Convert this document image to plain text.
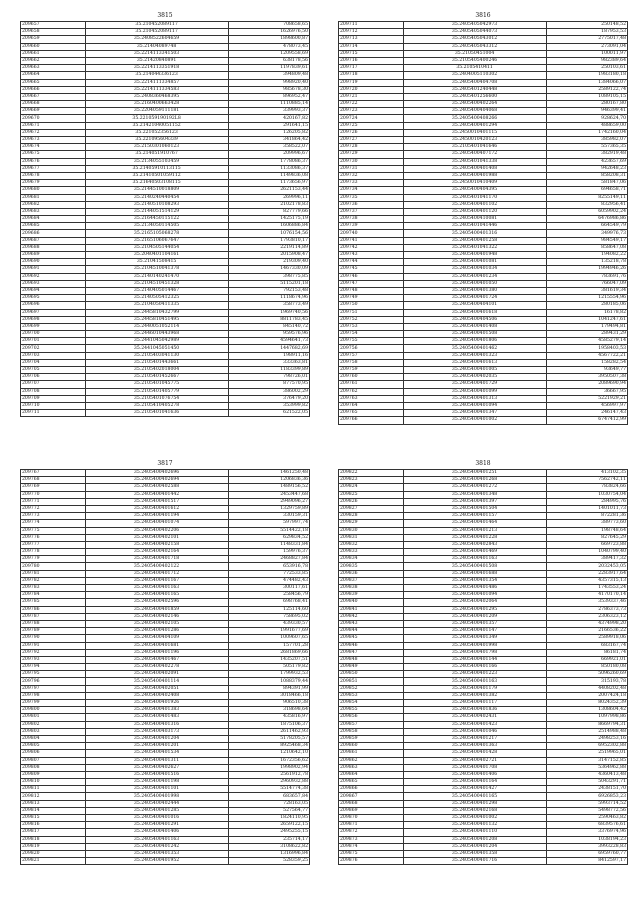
3815
209657	35.210452089117	708658,65
209658	35.210452089117	1626976,50
209659	35.2408522604659	1898600,87
209660	35.21404089748	478073,45
209661	35.2214113341503	1209558,69
209662	35.21420840891	638178,56
209663	35.2214113351918	1197839,61
209664	35.214044336123	394809,48
209665	35.2214111334857	998920,40
209666	35.2214111334583	985678,30
209667	35.2408360468395	896952,47
209668	35.2160400663428	1110885,14
209669	35.2204059111181	339993,37
209670	35.221059190192L8	420167,82
209671	35.21421040051152	291641,15
209672	35.221052356123	126205,82
209673	35.221095604339	341864,42
209674	35.2150301060123	358522,07
209675	35.214051910767	209996,67
209676	35.2134055103459	1778086,37
209677	35.21405910113115	1133086,37
209678	35.21410501059112	1149836,08
209679	35.21640503108115	1173656,97
209680	35.2144510018809	2621153,44
209681	35.2140240440454	269996,11
209682	35.2140510108293	2102178,83
209683	35.2144051514129	827779,66
209684	35.2164450115122	1425175,19
209685	35.2134050114505	1606886,84
209686	35.2165105068278	1076154,56
209687	35.2165106067647	1793810,17
209688	35.2104505144054	2219114,89
209689	35.2040401104161	2015908,47
209690	35.21041508415	219309,40
209691	35.2104510041378	1467330,09
209692	35.2140140241470	398775,85
209693	35.2104510451328	5115201,18
209694	35.2140405014467	792153,48
209695	35.2140505412325	1118674,96
209696	35.2104050411335	358773,49
209697	35.2445810432799	1969740,56
209698	35.2445810451495	8811783,45
209699	35.2440051052114	845140,72
209700	35.2446010443968	959576,96
209701	35.2441045042989	4594641,73
209702	35.2441045051450	1447682,69
209703	35.2105403041130	198911,16
209704	35.2105401443661	333363,81
209705	35.2105402018004	1183399,89
209706	35.2105401452667	798726,01
209707	35.2105401045775	877570,95
209708	35.2105401405779	386002,29
209709	35.2105401076754	376479,20
209710	35.2105410405278	353999,82
209711	35.2105401041636	621522,05
3816
209711	35.2405405042973	250148,52
209712	35.2405405044073	187953,53
209713	35.2405405043012	2775017,48
209714	35.2405405043312	273091,04
209715	35.21050451004	100011,97
209716	35.2105405400246	982389,64
209717	35.2105410411	250103,61
209718	35.2404005110302	1983180,18
209719	35.2405400404708	1384066,07
209720	35.2405401240448	2589122,74
209721	35.2405401256600	1089105,15
209722	35.2405400402264	280167,80
209723	35.2405400404068	946399,41
209724	35.2405400408266	928624,70
209725	35.2405400401294	488659,00
209726	35.2450010401115	1742160,04
209727	35.2450010420123	385982,07
209728	35.2105401041646	557365,35
209729	35.2405400407172	382919,48
209730	35.2405401041338	423657,69
209731	35.2405400401408	942648,23
209732	35.2405400401988	858208,31
209733	35.2450010410409	581847,06
209734	35.2405400404395	694658,71
209735	35.2405401041170	8255149,11
209736	35.2405400401102	832956,41
209737	35.2405400401120	6059902,24
209738	35.2405400410081	6476986,86
209739	35.2405401041446	664549,79
209740	35.2405400401316	349976,73
209741	35.2405400401258	984549,17
209742	35.2405401041322	858647,08
209743	35.2405400401948	194082,22
209744	35.2405400401081	135218,78
209745	35.2405400401034	1994946,26
209746	35.2405400401234	783691,76
209747	35.2405400401050	766047,09
209748	35.2405400401380	381619,34
209749	35.2405400401724	1215554,96
209750	35.2405400404101	280185,06
209751	35.2405400401618	16178,82
209752	35.2405400404506	1041247,61
209753	35.2405400401408	179494,81
209754	35.2405400401508	289431,29
209755	35.2405400401806	4585279,14
209756	35.2405400401462	1958403,53
209757	35.2405400401323	4567722,21
209758	35.2405400401613	158282,54
209759	35.2405400401005	93649,77
209760	35.2405400402035	3950507,38
209761	35.2405400401729	2089690,94
209762	35.2405400401099	36667,95
209763	35.2405400401313	5221929,21
209764	35.2405400401094	456997,97
209765	35.2405400401347	246147,43
209766	35.2405400401002	6747412,99
3817
209767	35.2405400402696	1461250,48
209768	35.2405400402694	1206836,36
209769	35.2405400402588	1489156,52
209770	35.2405400401442	2453447,68
209771	35.2405400401517	2949096,27
209772	35.2405400401612	1329759,89
209773	35.2405400401194	330159,31
209774	35.2405400401074	597997,74
209775	35.2405400402206	5514422,18
209776	35.2405400402101	629834,52
209777	35.2405400402158	1148331,84
209778	35.2405400402164	159976,37
209779	35.2405400401718	2468827,84
209780	35.2405400402122	653916,78
209781	35.2405400401712	772533,85
209782	35.2405400401167	474482,43
209783	35.2405400401163	300117,61
209784	35.2405400401165	258456,79
209785	35.2405400402596	698768,41
209786	35.2405400401859	125114,60
209787	35.2405400402146	758695,02
209788	35.2405400402105	439330,57
209789	35.2405400401286	1991677,69
209790	35.2405400404109	1009607,65
209791	35.2405400401681	157701,28
209792	35.2405400401196	2681869,66
209793	35.2405400401467	1435207,51
209794	35.2405400402278	505179,82
209795	35.2405400402091	1799932,53
209796	35.2405400401114	1088379,44
209797	35.2405400402051	894391,99
209798	35.2405400402408	3018466,18
209799	35.2405400401926	906510,38
209800	35.2405400401383	318698,64
209801	35.2405400401483	435816,97
209802	35.2405400401316	1875106,37
209803	35.2405400403173	2611462,93
209804	35.2405400401204	5178205,57
209805	35.2405400401201	8925468,34
209806	35.2405400401534	1210642,10
209807	35.2405400401311	1672356,62
209808	35.2405400402627	1998902,94
209809	35.2405400401516	2561912,78
209810	35.2405400401198	2960932,88
209811	35.2405400401101	5514774,38
209812	35.2405400401998	683657,84
209813	35.2405400402444	728163,05
209814	35.2405400401285	527564,77
209815	35.2405400401016	1824110,95
209816	35.2405400401291	2659122,15
209817	35.2405400401406	2495255,15
209818	35.2405400401163	235714,17
209819	35.2405400401242	3108622,82
209820	35.2405400401353	1316996,84
209821	35.2405400401952	528359,25
3818
209822	35.2405400401251	413102,35
209823	35.2405400401268	7562742,11
209824	35.2405400401272	783824,66
209825	35.2405400401348	1030754,04
209826	35.2405400401397	284995,76
209827	35.2405400401504	1401011,73
209828	35.2405400401157	872281,36
209829	35.2405400401464	389773,60
209830	35.2405400401213	198748,64
209831	35.2405400401228	827645,29
209832	35.2405400402843	669723,88
209833	35.2405400401469	1040799,40
209834	35.2405400401163	389417,32
209835	35.2405400401508	2032453,05
209836	35.2405400401688	2283917,64
209837	35.2405400401354	4357315,13
209838	35.2405400401486	1743553,24
209839	35.2405400401094	4170170,14
209840	35.2405400402064	3539337,46
209841	35.2405400401295	2786373,73
209842	35.2405400401209	2306323,12
209843	35.2405400401357	4374998,20
209844	35.2405400401147	2166536,22
209845	35.2405400401349	2589918,06
209846	35.2405400401998	683167,74
209847	35.2405400401798	86181,74
209848	35.2405400401144	669921,01
209849	35.2405400401166	850180,08
209850	35.2405400401223	5096260,69
209851	35.2405400401163	315193,78
209852	35.2405400401179	4408202,48
209853	35.2405400401382	2007424,18
209854	35.2405400401117	8024352,39
209855	35.2405400401836	1308604,42
209856	35.2405400402431	1097998,86
209857	35.2405400401423	8669794,31
209858	35.2405400401046	2514988,48
209859	35.2405400401217	2498253,16
209860	35.2405400401363	6952302,88
209861	35.2405400401428	2519965,01
209862	35.2405400402721	3147152,85
209863	35.2405400401708	5364962,88
209864	35.2405400401406	4360413,48
209865	35.2405400401164	5043291,71
209866	35.2405400401427	2438151,70
209867	35.2405400401165	6926853,23
209868	35.2405400401298	5993714,52
209869	35.2405400402168	5498772,56
209870	35.2405400401002	2590463,82
209871	35.2405400401132	6839576,61
209872	35.2405400401110	3376974,96
209873	35.2405400401208	1038194,23
209874	35.2405400401204	3993228,83
209875	35.2405400401358	6959760,77
209876	35.2405400401716	8412597,17
